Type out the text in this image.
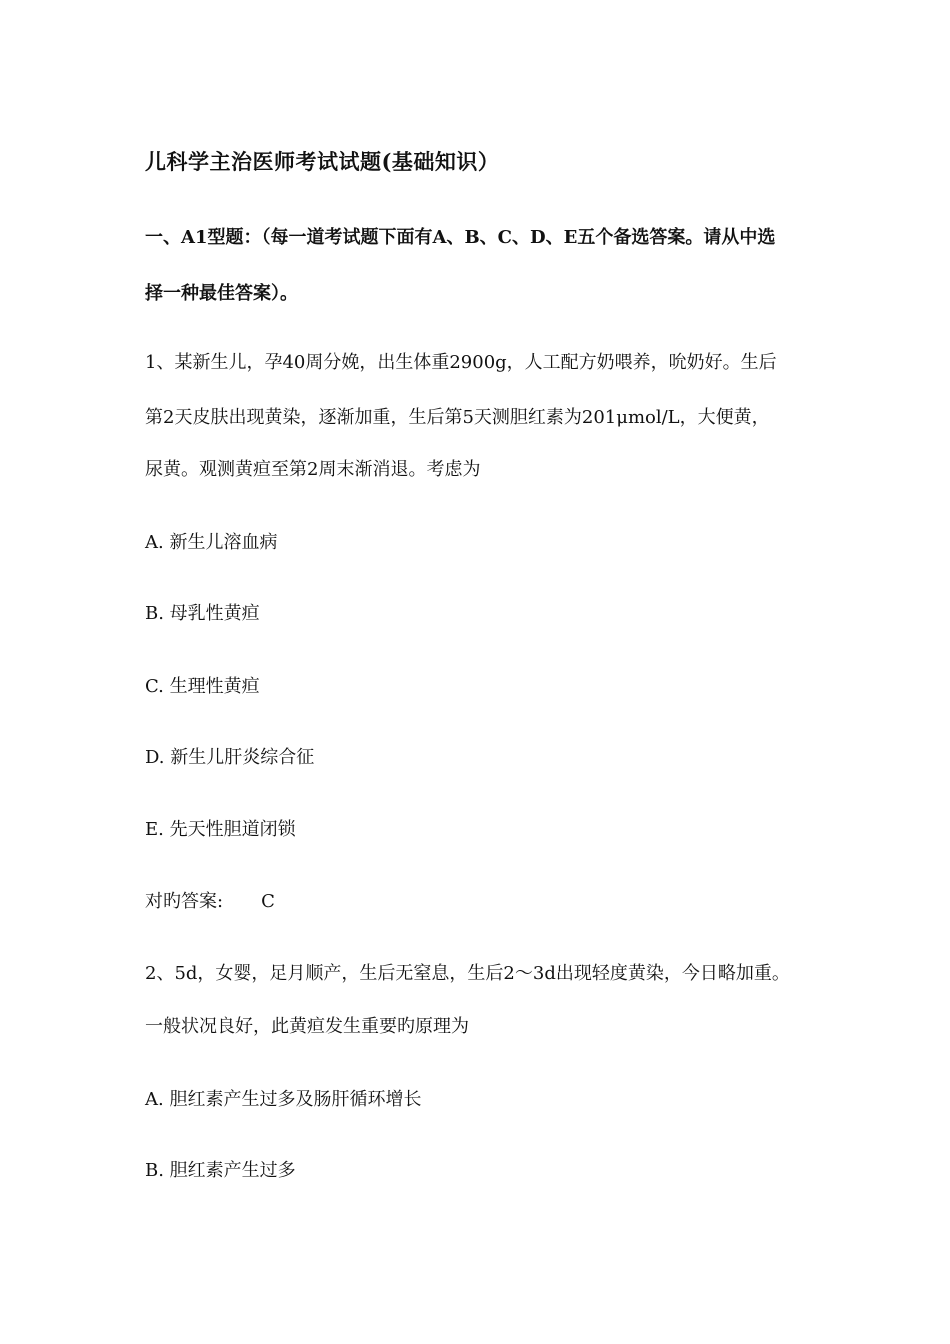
儿科学主治医师考试试题(基础知识）
一、A1型题：（每一道考试题下面有A、B、C、D、E五个备选答案。请从中选
择一种最佳答案）。
1、某新生儿，孕40周分娩，出生体重2900g，人工配方奶喂养，吮奶好。生后
第2天皮肤出现黄染，逐渐加重，生后第5天测胆红素为201μmol/L，大便黄，
尿黄。观测黄疸至第2周末渐消退。考虑为
A. 新生儿溶血病
B. 母乳性黄疸
C. 生理性黄疸
D. 新生儿肝炎综合征
E. 先天性胆道闭锁
对旳答案: C
2、5d，女婴，足月顺产，生后无窒息，生后2～3d出现轻度黄染，今日略加重。
一般状况良好，此黄疸发生重要旳原理为
A. 胆红素产生过多及肠肝循环增长
B. 胆红素产生过多
